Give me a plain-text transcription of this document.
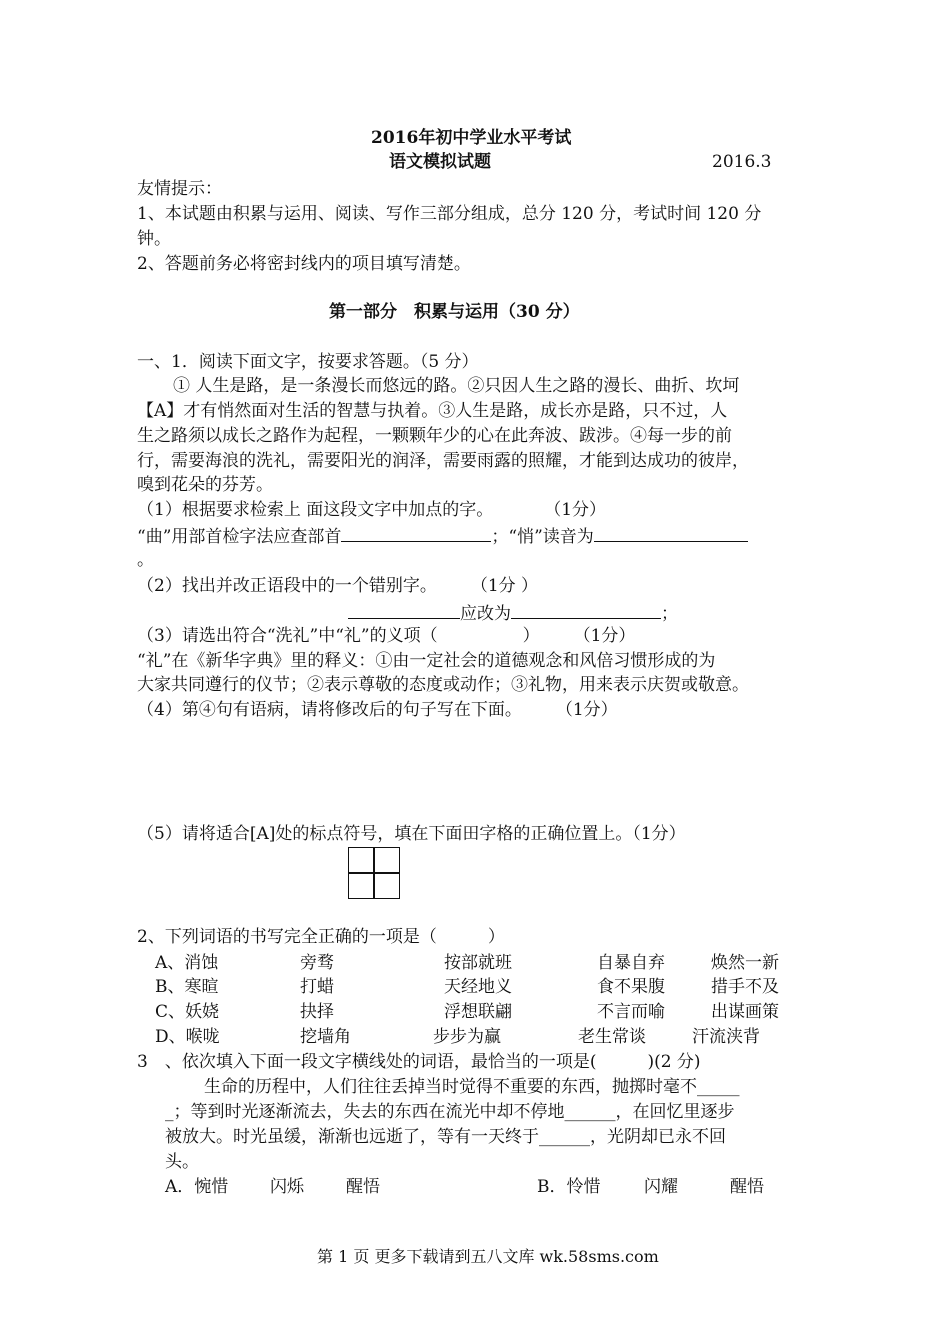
2016年初中学业水平考试
语文模拟试题	2016.3
友情提示：
1、本试题由积累与运用、阅读、写作三部分组成，总分 120 分，考试时间 120 分
钟。
2、答题前务必将密封线内的项目填写清楚。
第一部分　积累与运用（30 分）
一、1．阅读下面文字，按要求答题。（5 分）
① 人生是路，是一条漫长而悠远的路。②只因人生之路的漫长、曲折、坎坷
【A】才有悄然面对生活的智慧与执着。③人生是路，成长亦是路，只不过，人
生之路须以成长之路作为起程，一颗颗年少的心在此奔波、跋涉。④每一步的前
行，需要海浪的洗礼，需要阳光的润泽，需要雨露的照耀，才能到达成功的彼岸，
嗅到花朵的芬芳。
（1）根据要求检索上 面这段文字中加点的字。　　　　（1分）
“曲”用部首检字法应查部首	；“悄”读音为
。
（2）找出并改正语段中的一个错别字。　　　（1分 ）
应改为	；
（3）请选出符合“洗礼”中“礼”的义项（　　　　　）　　　（1分）
“礼”在《新华字典》里的释义：①由一定社会的道德观念和风倍习惯形成的为
大家共同遵行的仪节；②表示尊敬的态度或动作；③礼物，用来表示庆贺或敬意。
（4）第④句有语病，请将修改后的句子写在下面。　　　（1分）
（5）请将适合[A]处的标点符号，填在下面田字格的正确位置上。（1分）
2、下列词语的书写完全正确的一项是（　　　）
A、消蚀	旁骛	按部就班	自暴自弃	焕然一新
B、寒暄	打蜡	天经地义	食不果腹	措手不及
C、妖娆	抉择	浮想联翩	不言而喻	出谋画策
D、喉咙	挖墙角	步步为赢	老生常谈	汗流浃背
3　、依次填入下面一段文字横线处的词语，最恰当的一项是(　　　)(2 分)
生命的历程中，人们往往丢掉当时觉得不重要的东西，抛掷时毫不_____
_；等到时光逐渐流去，失去的东西在流光中却不停地______，在回忆里逐步
被放大。时光虽缓，渐渐也远逝了，等有一天终于______，光阴却已永不回
头。
A．惋惜 闪烁 醒悟	B．怜惜	闪耀	醒悟
第 1 页 更多下载请到五八文库 wk.58sms.com
